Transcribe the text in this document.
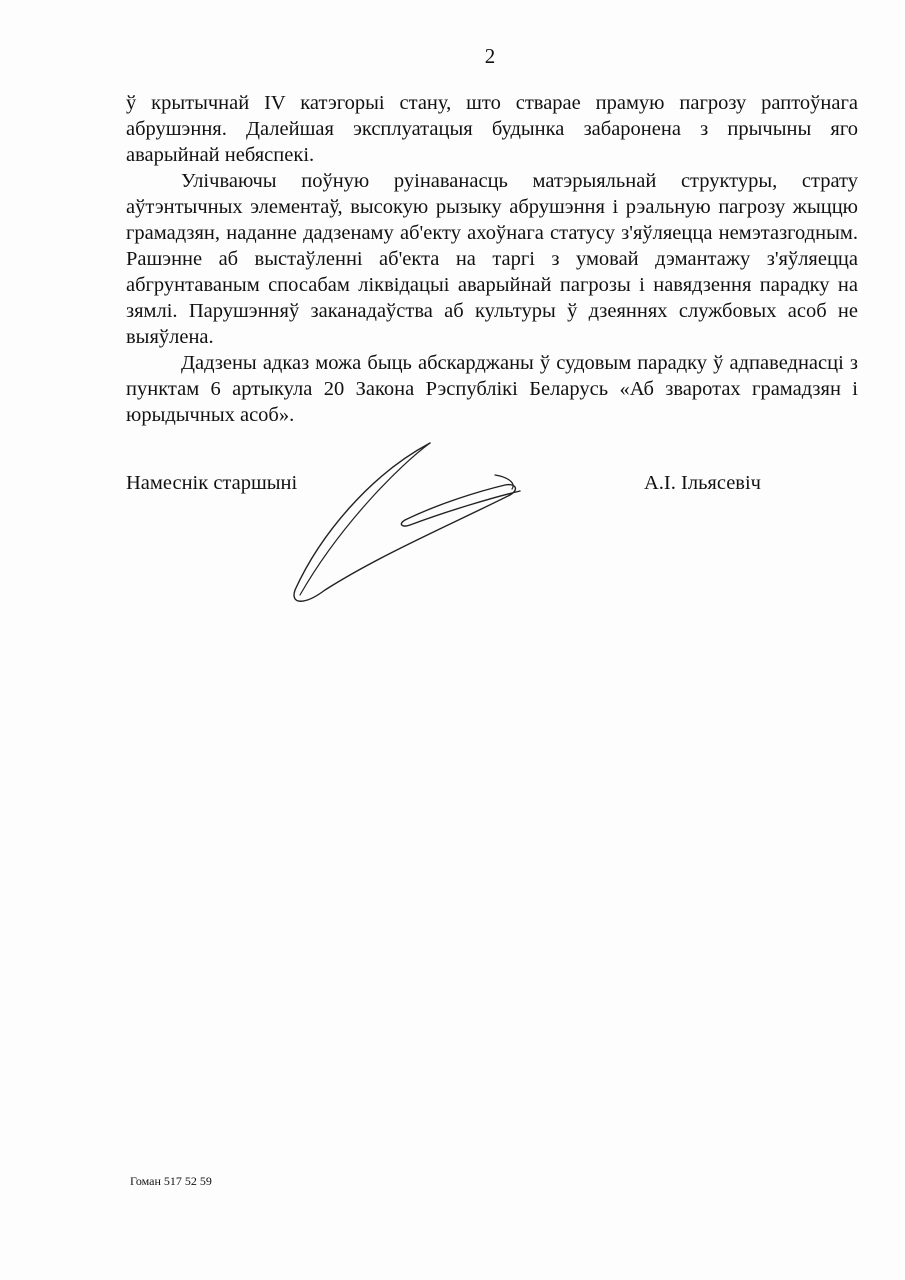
2

ў крытычнай IV катэгорыі стану, што стварае прамую пагрозу раптоўнага абрушэння. Далейшая эксплуатацыя будынка забаронена з прычыны яго аварыйнай небяспекі.

Улічваючы поўную руінаванасць матэрыяльнай структуры, страту аўтэнтычных элементаў, высокую рызыку абрушэння і рэальную пагрозу жыццю грамадзян, наданне дадзенаму аб'екту ахоўнага статусу з'яўляецца немэтазгодным. Рашэнне аб выстаўленні аб'екта на таргі з умовай дэмантажу з'яўляецца абгрунтаваным спосабам ліквідацыі аварыйнай пагрозы і навядзення парадку на зямлі. Парушэнняў заканадаўства аб культуры ў дзеяннях службовых асоб не выяўлена.

Дадзены адказ можа быць абскарджаны ў судовым парадку ў адпаведнасці з пунктам 6 артыкула 20 Закона Рэспублікі Беларусь «Аб зваротах грамадзян і юрыдычных асоб».

Намеснік старшыні	А.І. Ільясевіч
Гоман 517 52 59
